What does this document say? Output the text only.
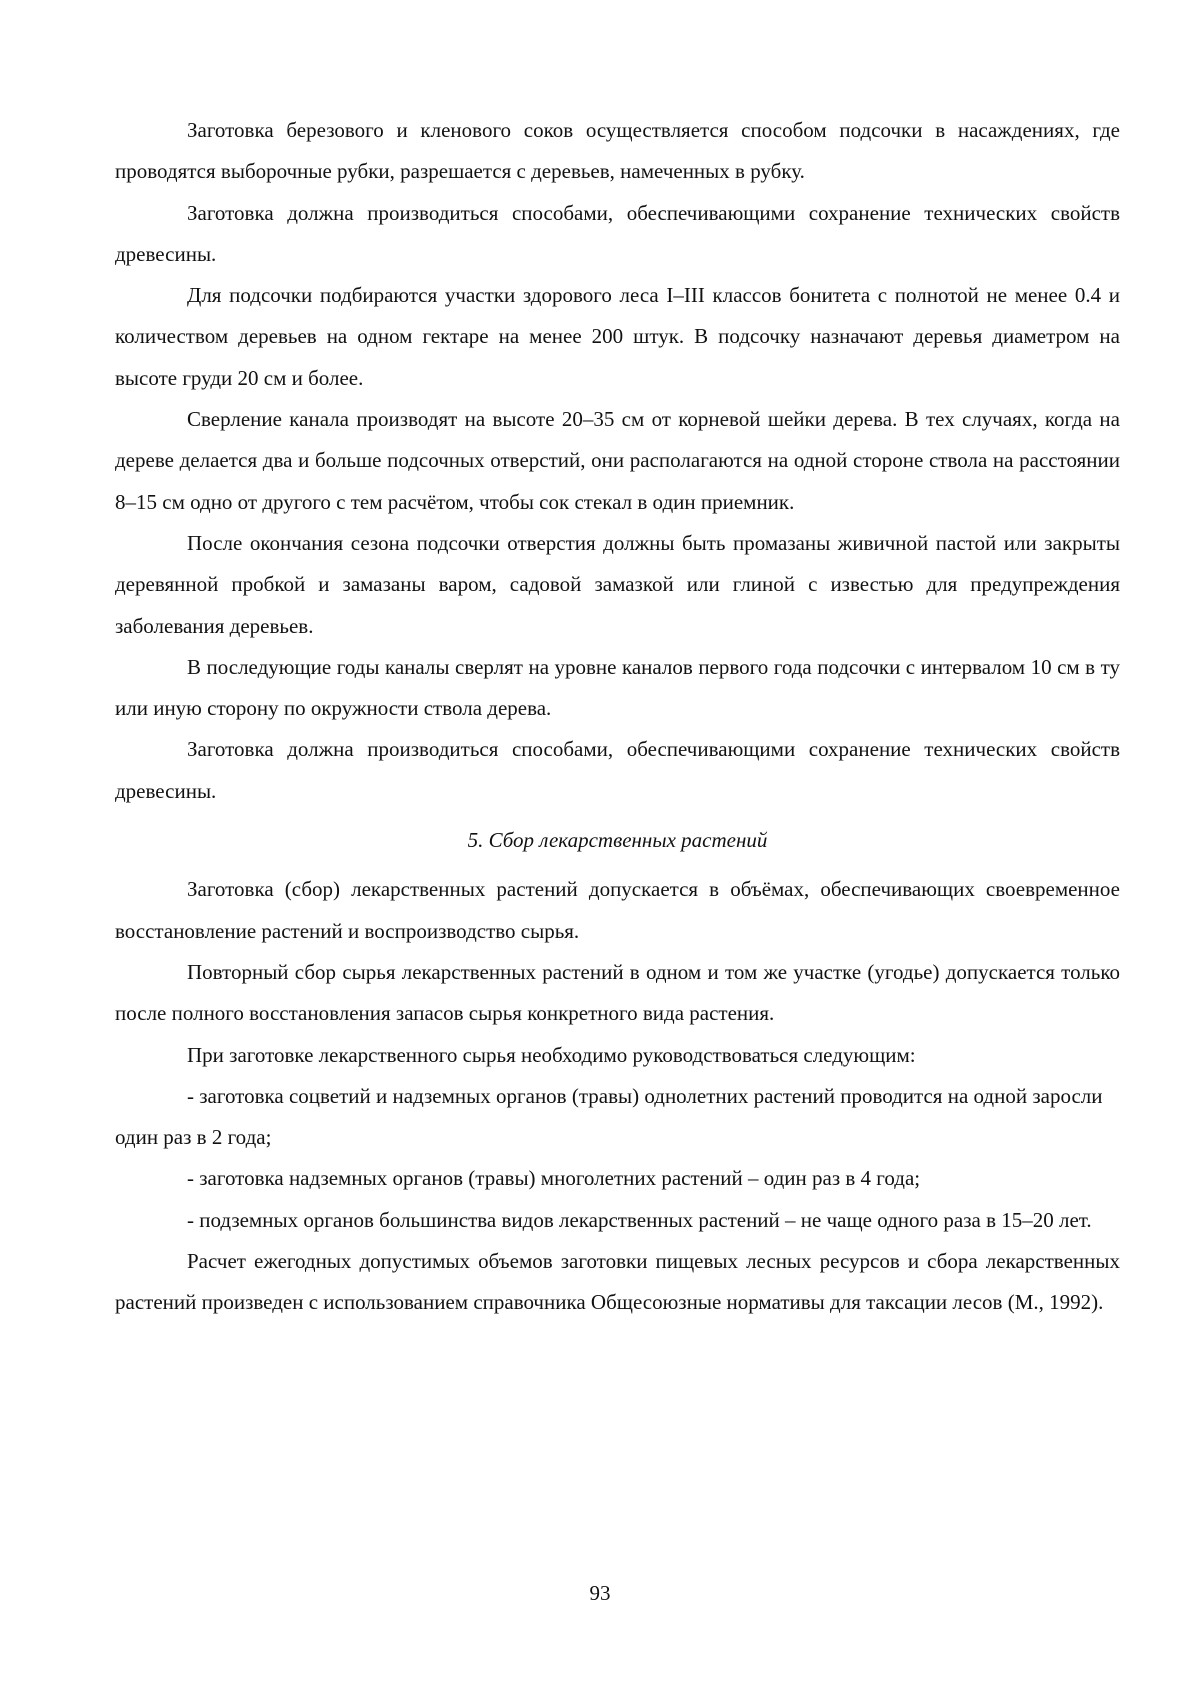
Заготовка березового и кленового соков осуществляется способом подсочки в насаждениях, где проводятся выборочные рубки, разрешается с деревьев, намеченных в рубку.

Заготовка должна производиться способами, обеспечивающими сохранение технических свойств древесины.

Для подсочки подбираются участки здорового леса I–III классов бонитета с полнотой не менее 0.4 и количеством деревьев на одном гектаре на менее 200 штук. В подсочку назначают деревья диаметром на высоте груди 20 см и более.

Сверление канала производят на высоте 20–35 см от корневой шейки дерева. В тех случаях, когда на дереве делается два и больше подсочных отверстий, они располагаются на одной стороне ствола на расстоянии 8–15 см одно от другого с тем расчётом, чтобы сок стекал в один приемник.

После окончания сезона подсочки отверстия должны быть промазаны живичной пастой или закрыты деревянной пробкой и замазаны варом, садовой замазкой или глиной с известью для предупреждения заболевания деревьев.

В последующие годы каналы сверлят на уровне каналов первого года подсочки с интервалом 10 см в ту или иную сторону по окружности ствола дерева.

Заготовка должна производиться способами, обеспечивающими сохранение технических свойств древесины.

5. Сбор лекарственных растений

Заготовка (сбор) лекарственных растений допускается в объёмах, обеспечивающих своевременное восстановление растений и воспроизводство сырья.

Повторный сбор сырья лекарственных растений в одном и том же участке (угодье) допускается только после полного восстановления запасов сырья конкретного вида растения.

При заготовке лекарственного сырья необходимо руководствоваться следующим:

- заготовка соцветий и надземных органов (травы) однолетних растений проводится на одной заросли один раз в 2 года;

- заготовка надземных органов (травы) многолетних растений – один раз в 4 года;

- подземных органов большинства видов лекарственных растений – не чаще одного раза в 15–20 лет.

Расчет ежегодных допустимых объемов заготовки пищевых лесных ресурсов и сбора лекарственных растений произведен с использованием справочника Общесоюзные нормативы для таксации лесов (М., 1992).

93
